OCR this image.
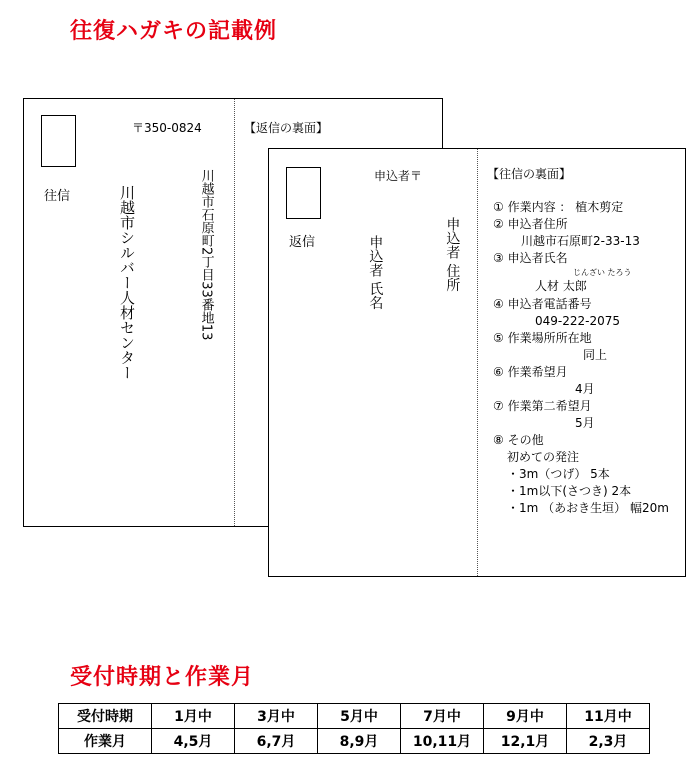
往復ハガキの記載例
〒350-0824
往信	川越市シルバー人材センター	川越市石原町2丁目33番地13
【返信の裏面】
申込者〒
返信	申込者 氏名	申込者 住所
【往信の裏面】
① 作業内容 ： 植木剪定
② 申込者住所
川越市石原町2-33-13
③ 申込者氏名
じんざい たろう
人材 太郎
④ 申込者電話番号
049-222-2075
⑤ 作業場所所在地
同上
⑥ 作業希望月
4月
⑦ 作業第二希望月
5月
⑧ その他
初めての発注
・3m（つげ） 5本
・1m以下(さつき) 2本
・1m （あおき生垣） 幅20m
受付時期と作業月
受付時期	1月中	3月中	5月中	7月中	9月中	11月中
作業月	4,5月	6,7月	8,9月	10,11月	12,1月	2,3月
